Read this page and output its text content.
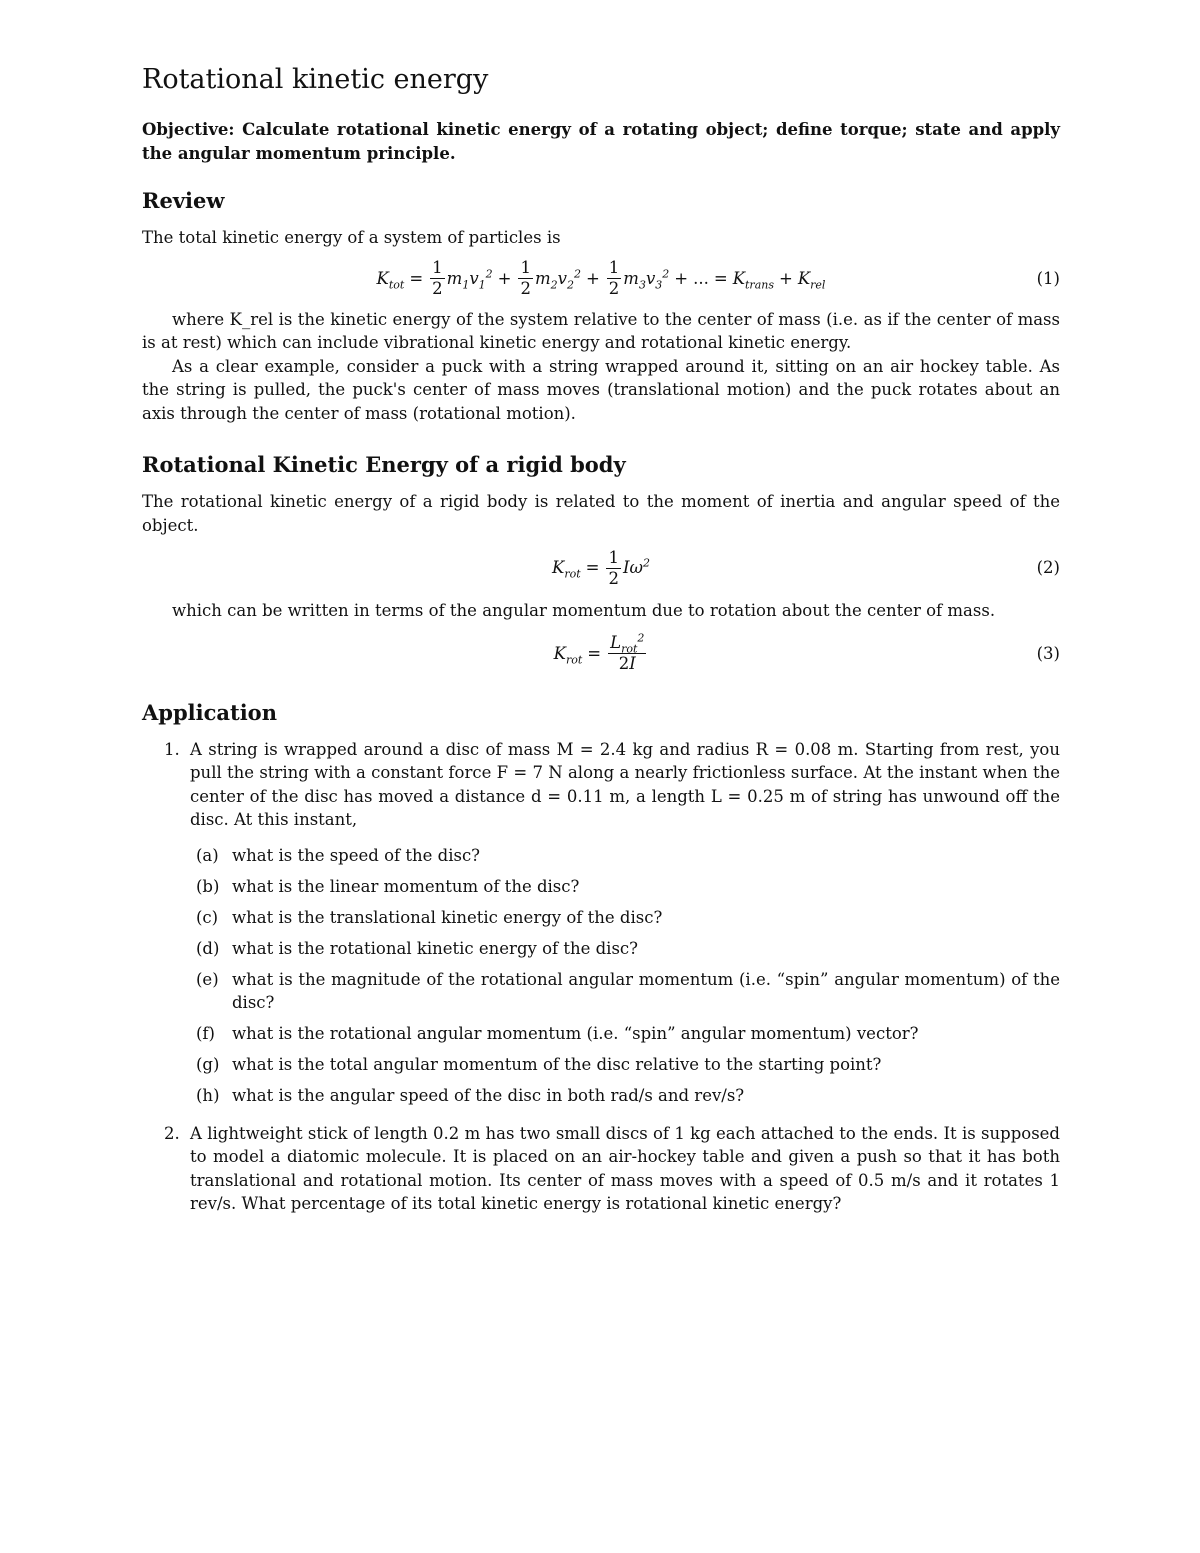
Rotational kinetic energy

Objective: Calculate rotational kinetic energy of a rotating object; define torque; state and apply the angular momentum principle.

Review

The total kinetic energy of a system of particles is

$K_{tot} = \frac{1}{2} m_1v_1^2 + \frac{1}{2} m_2v_2^2 + \frac{1}{2} m_3v_3^2$ + ... = $K_{trans} + K_{rel}$	(1)

where K_rel is the kinetic energy of the system relative to the center of mass (i.e. as if the center of mass is at rest) which can include vibrational kinetic energy and rotational kinetic energy.

As a clear example, consider a puck with a string wrapped around it, sitting on an air hockey table. As the string is pulled, the puck's center of mass moves (translational motion) and the puck rotates about an axis through the center of mass (rotational motion).

Rotational Kinetic Energy of a rigid body

The rotational kinetic energy of a rigid body is related to the moment of inertia and angular speed of the object.

$K_{rot} = \frac{1}{2} I\omega^2$	(2)

which can be written in terms of the angular momentum due to rotation about the center of mass.

$K_{rot} = \frac{L_{rot}^2}{2I}$	(3)
Application
1. A string is wrapped around a disc of mass M = 2.4 kg and radius R = 0.08 m. Starting from rest, you pull the string with a constant force F = 7 N along a nearly frictionless surface. At the instant when the center of the disc has moved a distance d = 0.11 m, a length L = 0.25 m of string has unwound off the disc. At this instant,
(a) what is the speed of the disc?
(b) what is the linear momentum of the disc?
(c) what is the translational kinetic energy of the disc?
(d) what is the rotational kinetic energy of the disc?
(e) what is the magnitude of the rotational angular momentum (i.e. “spin” angular momentum) of the disc?
(f) what is the rotational angular momentum (i.e. “spin” angular momentum) vector?
(g) what is the total angular momentum of the disc relative to the starting point?
(h) what is the angular speed of the disc in both rad/s and rev/s?
2. A lightweight stick of length 0.2 m has two small discs of 1 kg each attached to the ends. It is supposed to model a diatomic molecule. It is placed on an air-hockey table and given a push so that it has both translational and rotational motion. Its center of mass moves with a speed of 0.5 m/s and it rotates 1 rev/s. What percentage of its total kinetic energy is rotational kinetic energy?
